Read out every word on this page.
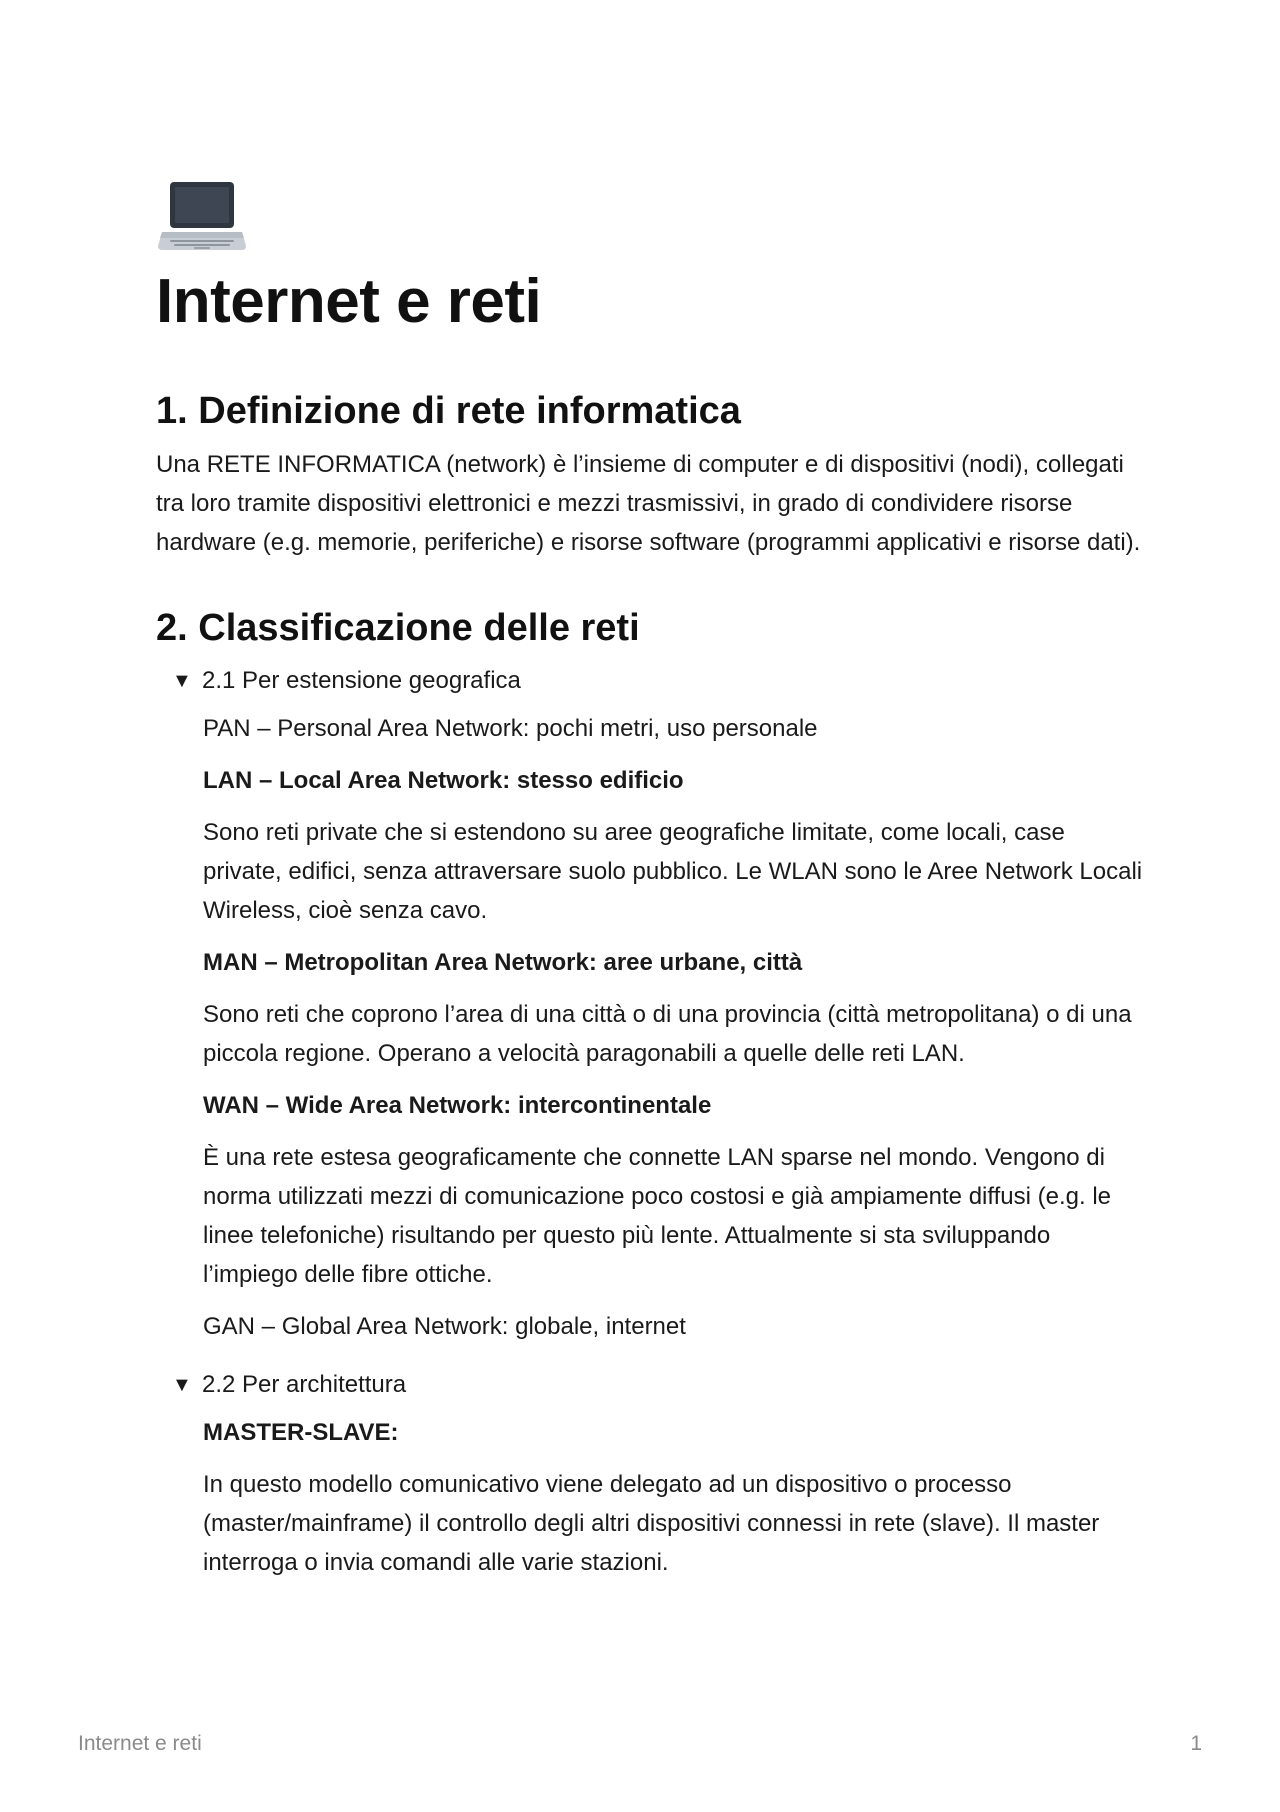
Internet e reti
1. Definizione di rete informatica

Una RETE INFORMATICA (network) è l’insieme di computer e di dispositivi (nodi), collegati tra loro tramite dispositivi elettronici e mezzi trasmissivi, in grado di condividere risorse hardware (e.g. memorie, periferiche) e risorse software (programmi applicativi e risorse dati).

2. Classificazione delle reti
▼ 2.1 Per estensione geografica

PAN – Personal Area Network: pochi metri, uso personale

LAN – Local Area Network: stesso edificio

Sono reti private che si estendono su aree geografiche limitate, come locali, case private, edifici, senza attraversare suolo pubblico. Le WLAN sono le Aree Network Locali Wireless, cioè senza cavo.

MAN – Metropolitan Area Network: aree urbane, città

Sono reti che coprono l’area di una città o di una provincia (città metropolitana) o di una piccola regione. Operano a velocità paragonabili a quelle delle reti LAN.

WAN – Wide Area Network: intercontinentale

È una rete estesa geograficamente che connette LAN sparse nel mondo. Vengono di norma utilizzati mezzi di comunicazione poco costosi e già ampiamente diffusi (e.g. le linee telefoniche) risultando per questo più lente. Attualmente si sta sviluppando l’impiego delle fibre ottiche.

GAN – Global Area Network: globale, internet

▼ 2.2 Per architettura

MASTER-SLAVE:

In questo modello comunicativo viene delegato ad un dispositivo o processo (master/mainframe) il controllo degli altri dispositivi connessi in rete (slave). Il master interroga o invia comandi alle varie stazioni.

Internet e reti	1
